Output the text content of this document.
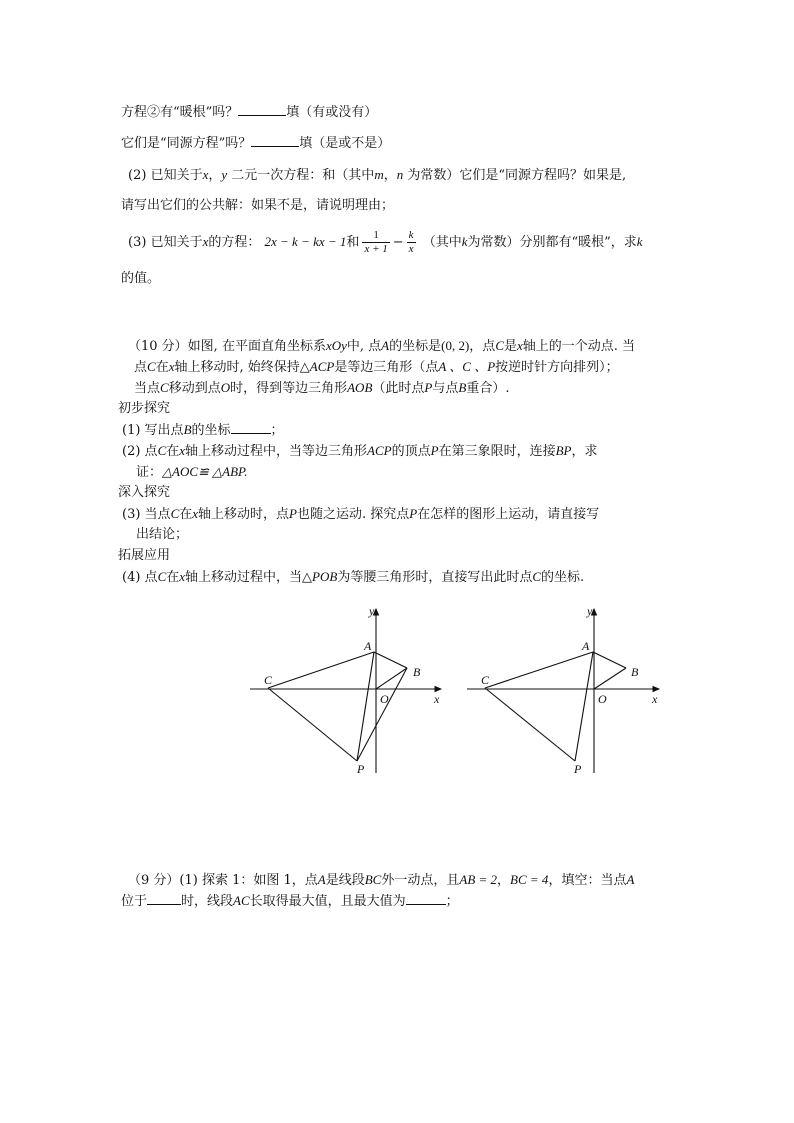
方程②有“暖根”吗？	填（有或没有）
它们是“同源方程”吗？	填（是或不是）
(2) 已知关于x，y 二元一次方程：和（其中m，n 为常数）它们是“同源方程吗？如果是,
请写出它们的公共解：如果不是，请说明理由；
(3) 已知关于x的方程： 2x − k − kx − 1和 $\frac{1}{x + 1} - \frac{k}{x}$ （其中k为常数）分别都有“暖根”，求k
的值。
（10 分）如图, 在平面直角坐标系xOy中, 点A的坐标是(0, 2)，点C是x轴上的一个动点. 当
点C在x轴上移动时, 始终保持△ACP是等边三角形（点A 、C 、P按逆时针方向排列）；
当点C移动到点O时，得到等边三角形AOB（此时点P与点B重合）.
初步探究
(1) 写出点B的坐标	；
(2) 点C在x轴上移动过程中，当等边三角形ACP的顶点P在第三象限时，连接BP，求
证：△AOC≌ △ABP.
深入探究
(3) 当点C在x轴上移动时，点P也随之运动. 探究点P在怎样的图形上运动，请直接写
出结论；
拓展应用
(4) 点C在x轴上移动过程中，当△POB为等腰三角形时，直接写出此时点C的坐标.
y
x
A
B
C
O
P
y
x
A
B
C
O
P
（9 分）(1) 探索 1：如图 1，点A是线段BC外一动点，且AB = 2，BC = 4，填空：当点A
位于	时，线段AC长取得最大值，且最大值为	；
